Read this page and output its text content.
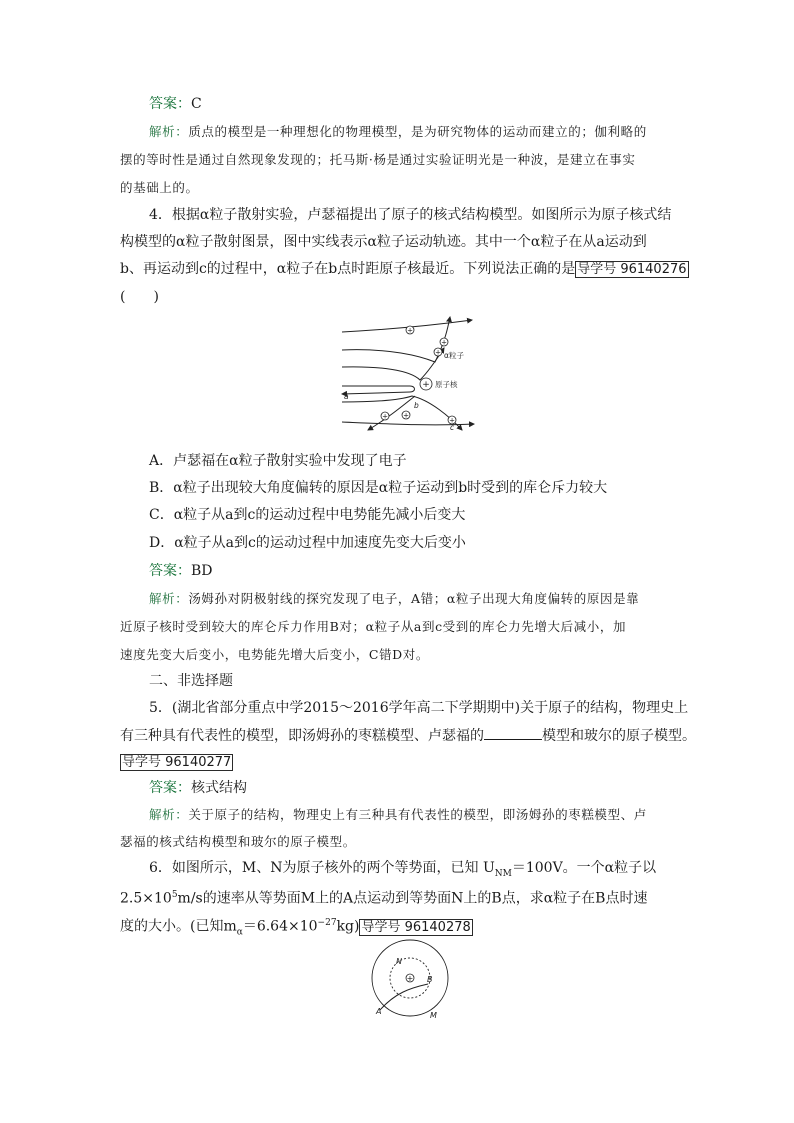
答案：C
解析：质点的模型是一种理想化的物理模型，是为研究物体的运动而建立的；伽利略的
摆的等时性是通过自然现象发现的；托马斯·杨是通过实验证明光是一种波，是建立在事实
的基础上的。
4．根据α粒子散射实验，卢瑟福提出了原子的核式结构模型。如图所示为原子核式结
构模型的α粒子散射图景，图中实线表示α粒子运动轨迹。其中一个α粒子在从a运动到
b、再运动到c的过程中，α粒子在b点时距原子核最近。下列说法正确的是 导学号 96140276
(　　)
+
+
+
+
+ +
+
α粒子
原子核
a
b
c
A．卢瑟福在α粒子散射实验中发现了电子
B．α粒子出现较大角度偏转的原因是α粒子运动到b时受到的库仑斥力较大
C．α粒子从a到c的运动过程中电势能先减小后变大
D．α粒子从a到c的运动过程中加速度先变大后变小
答案：BD
解析：汤姆孙对阴极射线的探究发现了电子，A错；α粒子出现大角度偏转的原因是靠
近原子核时受到较大的库仑斥力作用B对；α粒子从a到c受到的库仑力先增大后减小，加
速度先变大后变小，电势能先增大后变小，C错D对。
二、非选择题
5．(湖北省部分重点中学2015～2016学年高二下学期期中)关于原子的结构，物理史上
有三种具有代表性的模型，即汤姆孙的枣糕模型、卢瑟福的	模型和玻尔的原子模型。
导学号 96140277
答案：核式结构
解析：关于原子的结构，物理史上有三种具有代表性的模型，即汤姆孙的枣糕模型、卢
瑟福的核式结构模型和玻尔的原子模型。
6．如图所示，M、N为原子核外的两个等势面，已知 $U_{NM}=100V$。一个α粒子以
$2.5\times 10^5m/s$的速率从等势面M上的A点运动到等势面N上的B点，求α粒子在B点时速
度的大小。(已知$m_\alpha=6.64\times 10^{-27}kg$) 导学号 96140278
+
N
B
A	M
